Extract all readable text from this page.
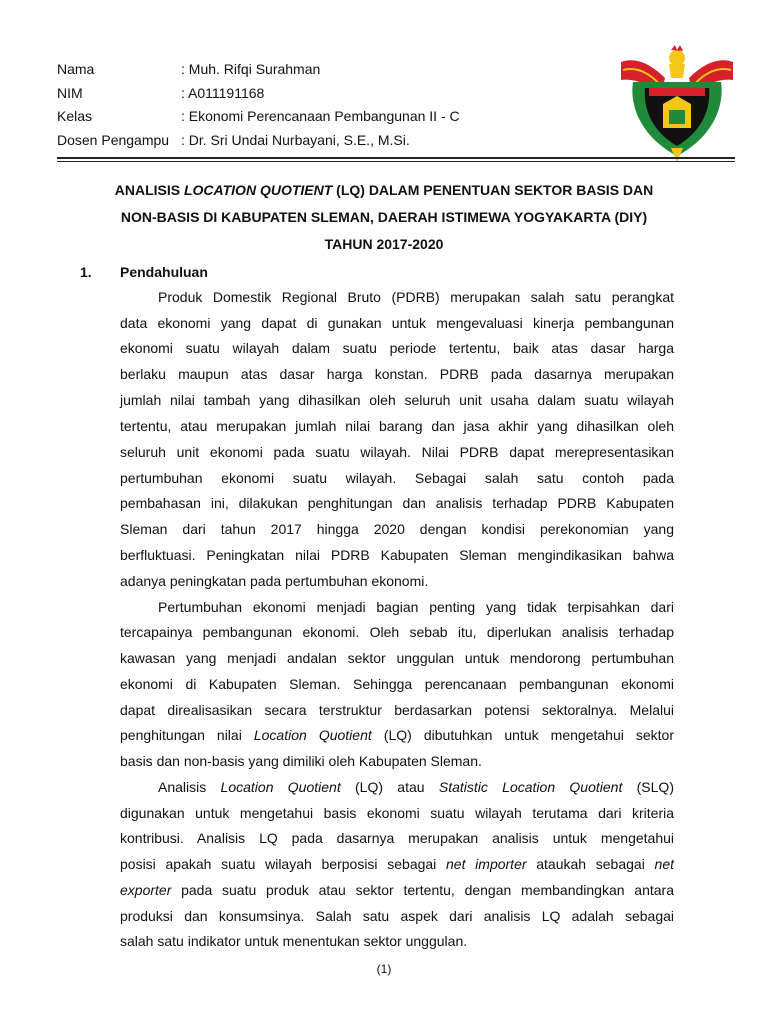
Nama	: Muh. Rifqi Surahman
NIM	: A011191168
Kelas	: Ekonomi Perencanaan Pembangunan II - C
Dosen Pengampu : Dr. Sri Undai Nurbayani, S.E., M.Si.
ANALISIS LOCATION QUOTIENT (LQ) DALAM PENENTUAN SEKTOR BASIS DAN
NON-BASIS DI KABUPATEN SLEMAN, DAERAH ISTIMEWA YOGYAKARTA (DIY)
TAHUN 2017-2020
1. Pendahuluan
Produk Domestik Regional Bruto (PDRB) merupakan salah satu perangkat
data ekonomi yang dapat di gunakan untuk mengevaluasi kinerja pembangunan
ekonomi suatu wilayah dalam suatu periode tertentu, baik atas dasar harga
berlaku maupun atas dasar harga konstan. PDRB pada dasarnya merupakan
jumlah nilai tambah yang dihasilkan oleh seluruh unit usaha dalam suatu wilayah
tertentu, atau merupakan jumlah nilai barang dan jasa akhir yang dihasilkan oleh
seluruh unit ekonomi pada suatu wilayah. Nilai PDRB dapat merepresentasikan
pertumbuhan ekonomi suatu wilayah. Sebagai salah satu contoh pada
pembahasan ini, dilakukan penghitungan dan analisis terhadap PDRB Kabupaten
Sleman dari tahun 2017 hingga 2020 dengan kondisi perekonomian yang
berfluktuasi. Peningkatan nilai PDRB Kabupaten Sleman mengindikasikan bahwa
adanya peningkatan pada pertumbuhan ekonomi.
Pertumbuhan ekonomi menjadi bagian penting yang tidak terpisahkan dari
tercapainya pembangunan ekonomi. Oleh sebab itu, diperlukan analisis terhadap
kawasan yang menjadi andalan sektor unggulan untuk mendorong pertumbuhan
ekonomi di Kabupaten Sleman. Sehingga perencanaan pembangunan ekonomi
dapat direalisasikan secara terstruktur berdasarkan potensi sektoralnya. Melalui
penghitungan nilai Location Quotient (LQ) dibutuhkan untuk mengetahui sektor
basis dan non-basis yang dimiliki oleh Kabupaten Sleman.
Analisis Location Quotient (LQ) atau Statistic Location Quotient (SLQ)
digunakan untuk mengetahui basis ekonomi suatu wilayah terutama dari kriteria
kontribusi. Analisis LQ pada dasarnya merupakan analisis untuk mengetahui
posisi apakah suatu wilayah berposisi sebagai net importer ataukah sebagai net
exporter pada suatu produk atau sektor tertentu, dengan membandingkan antara
produksi dan konsumsinya. Salah satu aspek dari analisis LQ adalah sebagai
salah satu indikator untuk menentukan sektor unggulan.
(1)
